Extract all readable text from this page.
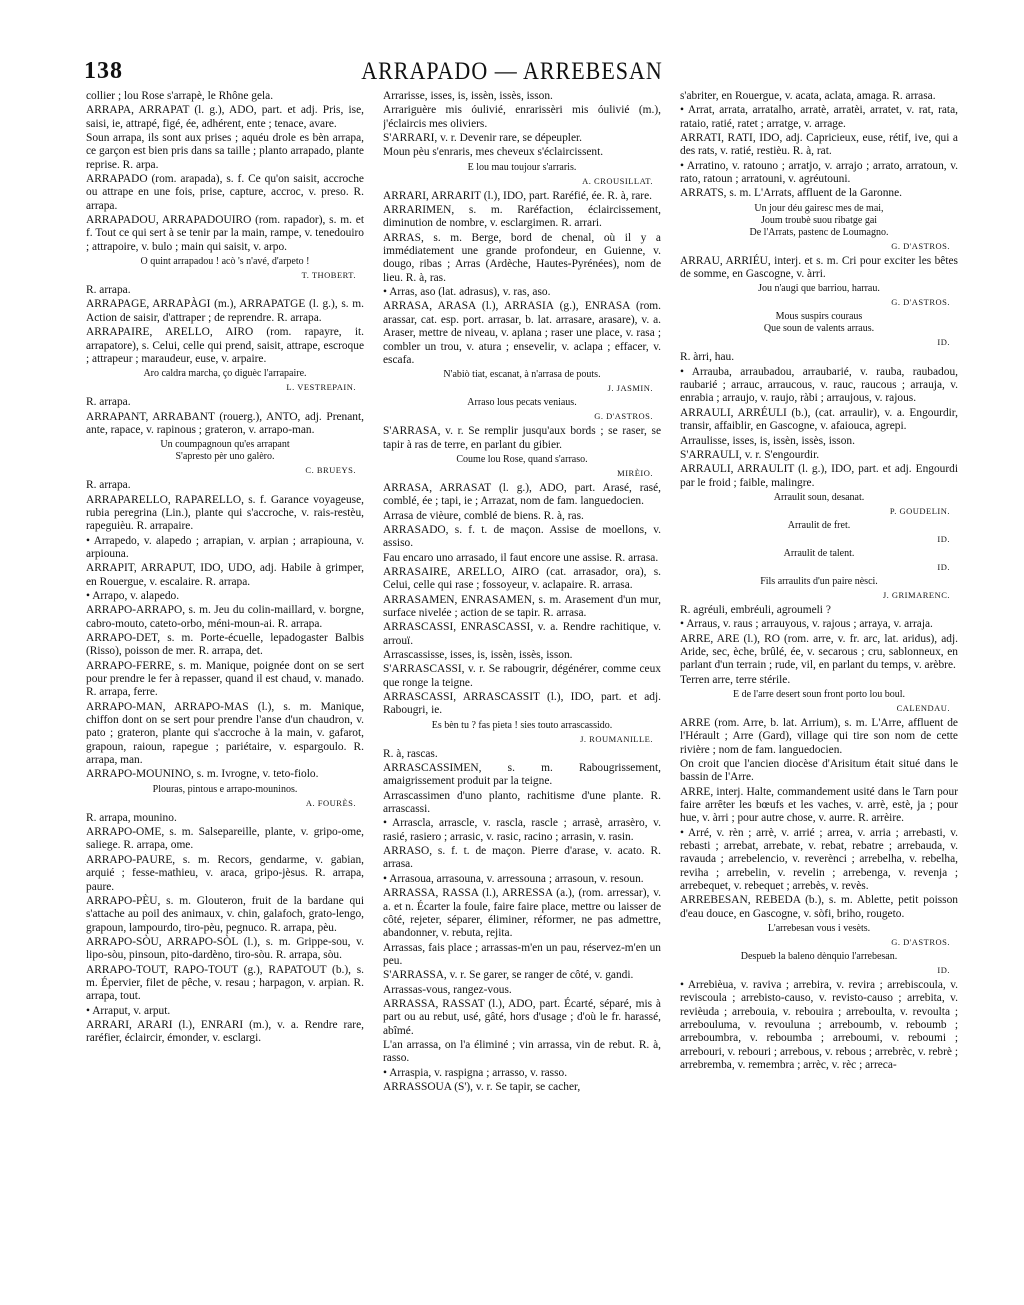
138	ARRAPADO — ARREBESAN
collier ; lou Rose s'arrapè, le Rhône gela.
ARRAPA, ARRAPAT (l. g.), ADO, part. et adj. Pris, ise, saisi, ie, attrapé, figé, ée, adhérent, ente ; tenace, avare.
Soun arrapa, ils sont aux prises ; aquéu drole es bèn arrapa, ce garçon est bien pris dans sa taille ; planto arrapado, plante reprise. R. arpa.
ARRAPADO (rom. arapada), s. f. Ce qu'on saisit, accroche ou attrape en une fois, prise, capture, accroc, v. preso. R. arrapa.
ARRAPADOU, ARRAPADOUIRO (rom. rapador), s. m. et f. Tout ce qui sert à se tenir par la main, rampe, v. tenedouiro ; attrapoire, v. bulo ; main qui saisit, v. arpo.
O quint arrapadou ! acò 's n'avé, d'arpeto !
T. THOBERT.
R. arrapa.
ARRAPAGE, ARRAPÀGI (m.), ARRAPATGE (l. g.), s. m. Action de saisir, d'attraper ; de reprendre. R. arrapa.
ARRAPAIRE, ARELLO, AIRO (rom. rapayre, it. arrapatore), s. Celui, celle qui prend, saisit, attrape, escroque ; attrapeur ; maraudeur, euse, v. arpaire.
Aro caldra marcha, ço diguèc l'arrapaire.
L. VESTREPAIN.
R. arrapa.
ARRAPANT, ARRABANT (rouerg.), ANTO, adj. Prenant, ante, rapace, v. rapinous ; grateron, v. arrapo-man.
Un coumpagnoun qu'es arrapant
S'apresto pèr uno galèro.
C. BRUEYS.
R. arrapa.
ARRAPARELLO, RAPARELLO, s. f. Garance voyageuse, rubia peregrina (Lin.), plante qui s'accroche, v. rais-restèu, rapeguièu. R. arrapaire.
• Arrapedo, v. alapedo ; arrapian, v. arpian ; arrapiouna, v. arpiouna.
ARRAPIT, ARRAPUT, IDO, UDO, adj. Habile à grimper, en Rouergue, v. escalaire. R. arrapa.
• Arrapo, v. alapedo.
ARRAPO-ARRAPO, s. m. Jeu du colin-maillard, v. borgne, cabro-mouto, cateto-orbo, méni-moun-ai. R. arrapa.
ARRAPO-DET, s. m. Porte-écuelle, lepadogaster Balbis (Risso), poisson de mer. R. arrapa, det.
ARRAPO-FERRE, s. m. Manique, poignée dont on se sert pour prendre le fer à repasser, quand il est chaud, v. manado. R. arrapa, ferre.
ARRAPO-MAN, ARRAPO-MAS (l.), s. m. Manique, chiffon dont on se sert pour prendre l'anse d'un chaudron, v. pato ; grateron, plante qui s'accroche à la main, v. gafarot, grapoun, raioun, rapegue ; pariétaire, v. espargoulo. R. arrapa, man.
ARRAPO-MOUNINO, s. m. Ivrogne, v. teto-fiolo.
Plouras, pintous e arrapo-mouninos.
A. FOURÈS.
R. arrapa, mounino.
ARRAPO-OME, s. m. Salsepareille, plante, v. gripo-ome, saliege. R. arrapa, ome.
ARRAPO-PAURE, s. m. Recors, gendarme, v. gabian, arquié ; fesse-mathieu, v. araca, gripo-jèsus. R. arrapa, paure.
ARRAPO-PÈU, s. m. Glouteron, fruit de la bardane qui s'attache au poil des animaux, v. chin, galafoch, grato-lengo, grapoun, lampourdo, tiro-pèu, pegnuco. R. arrapa, pèu.
ARRAPO-SÒU, ARRAPO-SÒL (l.), s. m. Grippe-sou, v. lipo-sòu, pinsoun, pito-dardèno, tiro-sòu. R. arrapa, sòu.
ARRAPO-TOUT, RAPO-TOUT (g.), RAPATOUT (b.), s. m. Épervier, filet de pêche, v. resau ; harpagon, v. arpian. R. arrapa, tout.
• Arraput, v. arput.
ARRARI, ARARI (l.), ENRARI (m.), v. a. Rendre rare, raréfier, éclaircir, émonder, v. esclargi.
Arrarisse, isses, is, issèn, issès, isson.
Arrariguère mis óulivié, enrarissèri mis óulivié (m.), j'éclaircis mes oliviers.
S'ARRARI, v. r. Devenir rare, se dépeupler.
Moun pèu s'enraris, mes cheveux s'éclaircissent.
E lou mau toujour s'arraris.
A. CROUSILLAT.
ARRARI, ARRARIT (l.), IDO, part. Raréfié, ée. R. à, rare.
ARRARIMEN, s. m. Raréfaction, éclaircissement, diminution de nombre, v. esclargimen. R. arrari.
ARRAS, s. m. Berge, bord de chenal, où il y a immédiatement une grande profondeur, en Guienne, v. dougo, ribas ; Arras (Ardèche, Hautes-Pyrénées), nom de lieu. R. à, ras.
• Arras, aso (lat. adrasus), v. ras, aso.
ARRASA, ARASA (l.), ARRASIA (g.), ENRASA (rom. arassar, cat. esp. port. arrasar, b. lat. arrasare, arasare), v. a. Araser, mettre de niveau, v. aplana ; raser une place, v. rasa ; combler un trou, v. atura ; ensevelir, v. aclapa ; effacer, v. escafa.
N'abiò tiat, escanat, à n'arrasa de pouts.
J. JASMIN.
Arraso lous pecats veniaus.
G. D'ASTROS.
S'ARRASA, v. r. Se remplir jusqu'aux bords ; se raser, se tapir à ras de terre, en parlant du gibier.
Coume lou Rose, quand s'arraso.
MIRÈIO.
ARRASA, ARRASAT (l. g.), ADO, part. Arasé, rasé, comblé, ée ; tapi, ie ; Arrazat, nom de fam. languedocien.
Arrasa de vièure, comblé de biens. R. à, ras.
ARRASADO, s. f. t. de maçon. Assise de moellons, v. assiso.
Fau encaro uno arrasado, il faut encore une assise. R. arrasa.
ARRASAIRE, ARELLO, AIRO (cat. arrasador, ora), s. Celui, celle qui rase ; fossoyeur, v. aclapaire. R. arrasa.
ARRASAMEN, ENRASAMEN, s. m. Arasement d'un mur, surface nivelée ; action de se tapir. R. arrasa.
ARRASCASSI, ENRASCASSI, v. a. Rendre rachitique, v. arrouï.
Arrascassisse, isses, is, issèn, issès, isson.
S'ARRASCASSI, v. r. Se rabougrir, dégénérer, comme ceux que ronge la teigne.
ARRASCASSI, ARRASCASSIT (l.), IDO, part. et adj. Rabougri, ie.
Es bèn tu ? fas pieta ! sies touto arrascassido.
J. ROUMANILLE.
R. à, rascas.
ARRASCASSIMEN, s. m. Rabougrissement, amaigrissement produit par la teigne.
Arrascassimen d'uno planto, rachitisme d'une plante. R. arrascassi.
• Arrascla, arrascle, v. rascla, rascle ; arrasè, arrasèro, v. rasié, rasiero ; arrasic, v. rasic, racino ; arrasin, v. rasin.
ARRASO, s. f. t. de maçon. Pierre d'arase, v. acato. R. arrasa.
• Arrasoua, arrasouna, v. arressouna ; arrasoun, v. resoun.
ARRASSA, RASSA (l.), ARRESSA (a.), (rom. arressar), v. a. et n. Écarter la foule, faire faire place, mettre ou laisser de côté, rejeter, séparer, éliminer, réformer, ne pas admettre, abandonner, v. rebuta, rejita.
Arrassas, fais place ; arrassas-m'en un pau, réservez-m'en un peu.
S'ARRASSA, v. r. Se garer, se ranger de côté, v. gandi.
Arrassas-vous, rangez-vous.
ARRASSA, RASSAT (l.), ADO, part. Écarté, séparé, mis à part ou au rebut, usé, gâté, hors d'usage ; d'où le fr. harassé, abîmé.
L'an arrassa, on l'a éliminé ; vin arrassa, vin de rebut. R. à, rasso.
• Arraspia, v. raspigna ; arrasso, v. rasso.
ARRASSOUA (S'), v. r. Se tapir, se cacher,
s'abriter, en Rouergue, v. acata, aclata, amaga. R. arrasa.
• Arrat, arrata, arratalho, arratè, arratèi, arratet, v. rat, rata, rataio, ratié, ratet ; arratge, v. arrage.
ARRATI, RATI, IDO, adj. Capricieux, euse, rétif, ive, qui a des rats, v. ratié, restièu. R. à, rat.
• Arratino, v. ratouno ; arratjo, v. arrajo ; arrato, arratoun, v. rato, ratoun ; arratouni, v. agréutouni.
ARRATS, s. m. L'Arrats, affluent de la Garonne.
Un jour déu gairesc mes de mai,
Joum troubè suou ribatge gai
De l'Arrats, pastenc de Loumagno.
G. D'ASTROS.
ARRAU, ARRIÉU, interj. et s. m. Cri pour exciter les bêtes de somme, en Gascogne, v. àrri.
Jou n'augi que barriou, harrau.
G. D'ASTROS.
Mous suspirs couraus
Que soun de valents arraus.
ID.
R. àrri, hau.
• Arrauba, arraubadou, arraubarié, v. rauba, raubadou, raubarié ; arrauc, arraucous, v. rauc, raucous ; arrauja, v. enrabia ; arraujo, v. raujo, ràbi ; arraujous, v. rajous.
ARRAULI, ARRÉULI (b.), (cat. arraulir), v. a. Engourdir, transir, affaiblir, en Gascogne, v. afaiouca, agrepi.
Arraulisse, isses, is, issèn, issès, isson.
S'ARRAULI, v. r. S'engourdir.
ARRAULI, ARRAULIT (l. g.), IDO, part. et adj. Engourdi par le froid ; faible, malingre.
Arraulit soun, desanat.
P. GOUDELIN.
Arraulit de fret.
ID.
Arraulit de talent.
ID.
Fils arraulits d'un paire nèsci.
J. GRIMARENC.
R. agréuli, embréuli, agroumeli ?
• Arraus, v. raus ; arrauyous, v. rajous ; arraya, v. arraja.
ARRE, ARE (l.), RO (rom. arre, v. fr. arc, lat. aridus), adj. Aride, sec, èche, brûlé, ée, v. secarous ; cru, sablonneux, en parlant d'un terrain ; rude, vil, en parlant du temps, v. arèbre.
Terren arre, terre stérile.
E de l'arre desert soun front porto lou boul.
CALENDAU.
ARRE (rom. Arre, b. lat. Arrium), s. m. L'Arre, affluent de l'Hérault ; Arre (Gard), village qui tire son nom de cette rivière ; nom de fam. languedocien.
On croit que l'ancien diocèse d'Arisitum était situé dans le bassin de l'Arre.
ARRE, interj. Halte, commandement usité dans le Tarn pour faire arrêter les bœufs et les vaches, v. arrè, estè, ja ; pour hue, v. àrri ; pour autre chose, v. aurre. R. arrèire.
• Arré, v. rèn ; arrè, v. arrié ; arrea, v. arria ; arrebasti, v. rebasti ; arrebat, arrebate, v. rebat, rebatre ; arrebauda, v. ravauda ; arrebelencio, v. reverènci ; arrebelha, v. rebelha, reviha ; arrebelin, v. revelin ; arrebenga, v. revenja ; arrebequet, v. rebequet ; arrebès, v. revès.
ARREBESAN, REBEDA (b.), s. m. Ablette, petit poisson d'eau douce, en Gascogne, v. sòfi, briho, rougeto.
L'arrebesan vous i vesèts.
G. D'ASTROS.
Despueb la baleno dènquio l'arrebesan.
ID.
• Arrebièua, v. raviva ; arrebira, v. revira ; arrebiscoula, v. reviscoula ; arrebisto-causo, v. revisto-causo ; arrebita, v. revièuda ; arrebouia, v. rebouira ; arreboulta, v. revoulta ; arrebouluma, v. revouluna ; arreboumb, v. reboumb ; arreboumbra, v. reboumba ; arreboumi, v. reboumi ; arrebouri, v. rebouri ; arrebous, v. rebous ; arrebrèc, v. rebrè ; arrebremba, v. remembra ; arrèc, v. rèc ; arreca-
